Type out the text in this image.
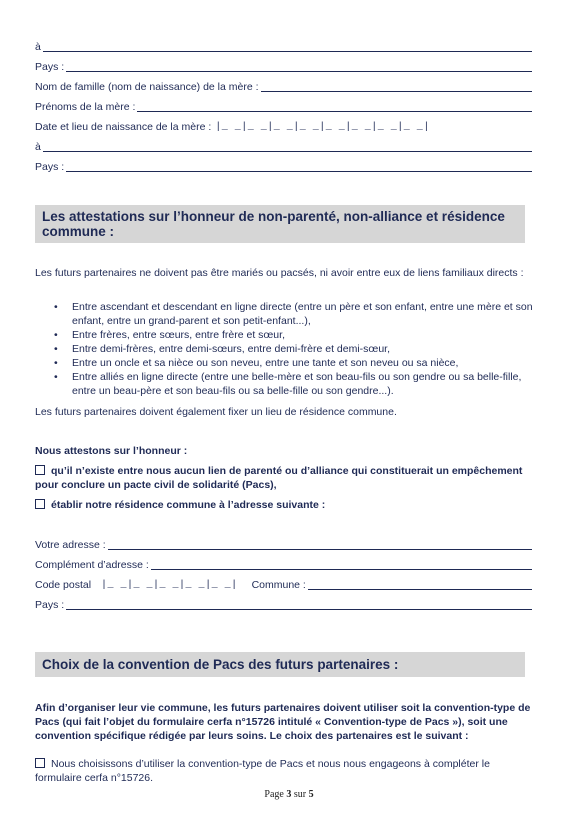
à
Pays :
Nom de famille (nom de naissance) de la mère :
Prénoms de la mère :
Date et lieu de naissance de la mère : |_ _|_ _|_ _|_ _|_ _|_ _|_ _|_ _|
à
Pays :
Les attestations sur l’honneur de non-parenté, non-alliance et résidence commune :
Les futurs partenaires ne doivent pas être mariés ou pacsés, ni avoir entre eux de liens familiaux directs :
• Entre ascendant et descendant en ligne directe (entre un père et son enfant, entre une mère et son enfant, entre un grand-parent et son petit-enfant...),
• Entre frères, entre sœurs, entre frère et sœur,
• Entre demi-frères, entre demi-sœurs, entre demi-frère et demi-sœur,
• Entre un oncle et sa nièce ou son neveu, entre une tante et son neveu ou sa nièce,
• Entre alliés en ligne directe (entre une belle-mère et son beau-fils ou son gendre ou sa belle-fille, entre un beau-père et son beau-fils ou sa belle-fille ou son gendre...).
Les futurs partenaires doivent également fixer un lieu de résidence commune.
Nous attestons sur l’honneur :
qu’il n’existe entre nous aucun lien de parenté ou d’alliance qui constituerait un empêchement pour conclure un pacte civil de solidarité (Pacs),
établir notre résidence commune à l’adresse suivante :
Votre adresse :
Complément d’adresse :
Code postal |_ _|_ _|_ _|_ _|_ _| Commune :
Pays :
Choix de la convention de Pacs des futurs partenaires :
Afin d’organiser leur vie commune, les futurs partenaires doivent utiliser soit la convention-type de Pacs (qui fait l’objet du formulaire cerfa n°15726 intitulé « Convention-type de Pacs »), soit une convention spécifique rédigée par leurs soins. Le choix des partenaires est le suivant :
Nous choisissons d’utiliser la convention-type de Pacs et nous nous engageons à compléter le formulaire cerfa n°15726.
Page 3 sur 5
